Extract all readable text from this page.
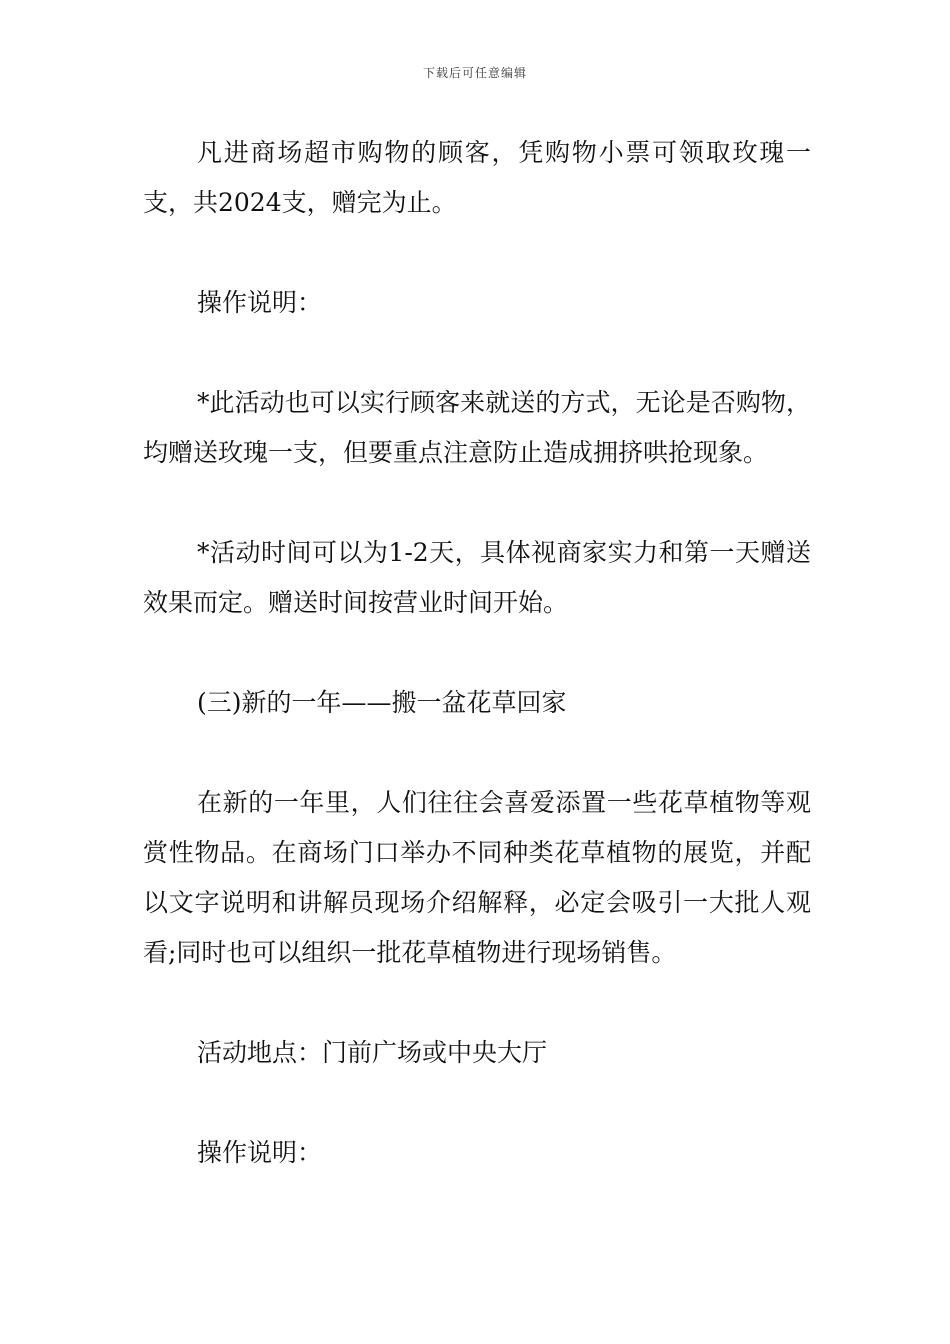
下载后可任意编辑

凡进商场超市购物的顾客，凭购物小票可领取玫瑰一支，共2024支，赠完为止。

操作说明：

*此活动也可以实行顾客来就送的方式，无论是否购物，均赠送玫瑰一支，但要重点注意防止造成拥挤哄抢现象。

*活动时间可以为1-2天，具体视商家实力和第一天赠送效果而定。赠送时间按营业时间开始。

(三)新的一年——搬一盆花草回家

在新的一年里，人们往往会喜爱添置一些花草植物等观赏性物品。在商场门口举办不同种类花草植物的展览，并配以文字说明和讲解员现场介绍解释，必定会吸引一大批人观看;同时也可以组织一批花草植物进行现场销售。

活动地点：门前广场或中央大厅

操作说明：
